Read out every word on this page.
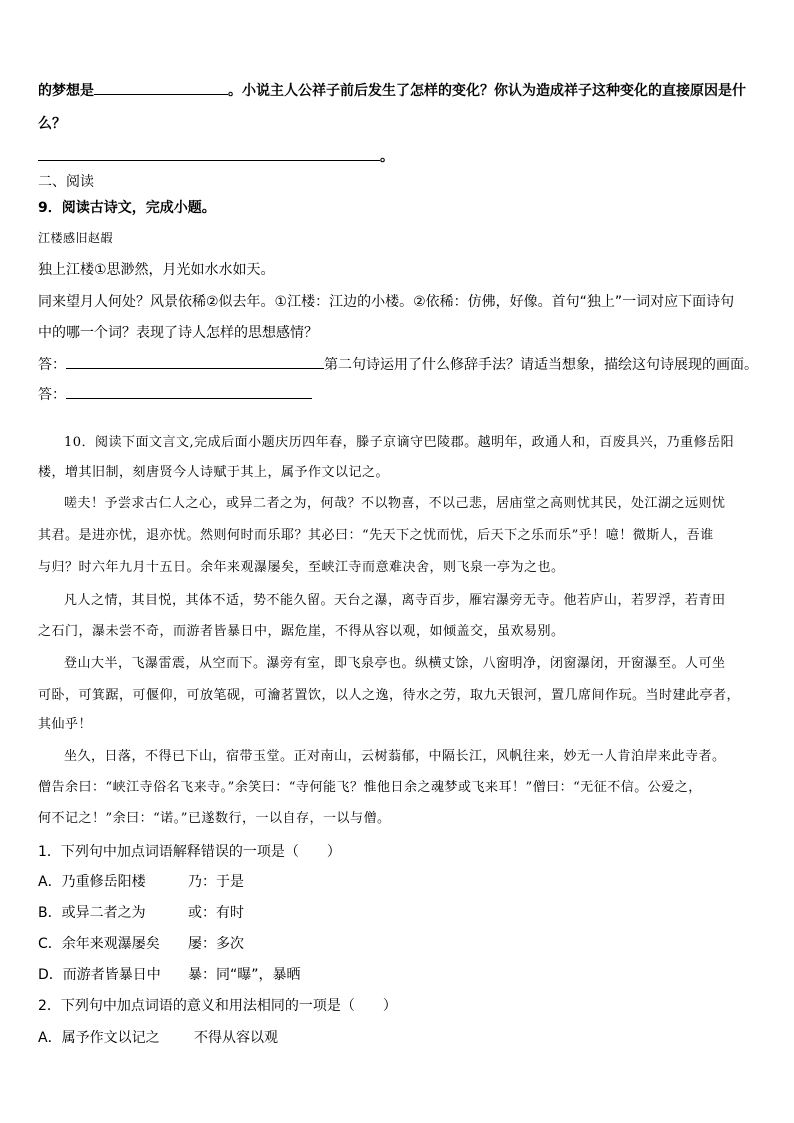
的梦想是	。小说主人公祥子前后发生了怎样的变化？你认为造成祥子这种变化的直接原因是什
么？
。
二、阅读
9．阅读古诗文，完成小题。
江楼感旧赵嘏
独上江楼①思渺然，月光如水水如天。
同来望月人何处？风景依稀②似去年。①江楼：江边的小楼。②依稀：仿佛，好像。首句“独上”一词对应下面诗句
中的哪一个词？表现了诗人怎样的思想感情？
答：	第二句诗运用了什么修辞手法？请适当想象，描绘这句诗展现的画面。
答：
10．阅读下面文言文,完成后面小题庆历四年春，滕子京谪守巴陵郡。越明年，政通人和，百废具兴，乃重修岳阳
楼，增其旧制，刻唐贤今人诗赋于其上，属予作文以记之。
嗟夫！予尝求古仁人之心，或异二者之为，何哉？不以物喜，不以己悲，居庙堂之高则忧其民，处江湖之远则忧
其君。是进亦忧，退亦忧。然则何时而乐耶？其必曰：“先天下之忧而忧，后天下之乐而乐”乎！噫！微斯人，吾谁
与归？时六年九月十五日。余年来观瀑屡矣，至峡江寺而意难决舍，则飞泉一亭为之也。
凡人之情，其目悦，其体不适，势不能久留。天台之瀑，离寺百步，雁宕瀑旁无寺。他若庐山，若罗浮，若青田
之石门，瀑未尝不奇，而游者皆暴日中，踞危崖，不得从容以观，如倾盖交，虽欢易别。
登山大半，飞瀑雷震，从空而下。瀑旁有室，即飞泉亭也。纵横丈馀，八窗明净，闭窗瀑闭，开窗瀑至。人可坐
可卧，可箕踞，可偃仰，可放笔砚，可瀹茗置饮，以人之逸，待水之劳，取九天银河，置几席间作玩。当时建此亭者，
其仙乎！
坐久，日落，不得已下山，宿带玉堂。正对南山，云树蓊郁，中隔长江，风帆往来，妙无一人肯泊岸来此寺者。
僧告余曰：“峡江寺俗名飞来寺。”余笑曰：“寺何能飞？惟他日余之魂梦或飞来耳！”僧曰：“无征不信。公爱之，
何不记之！”余曰：“诺。”已遂数行，一以自存，一以与僧。
1．下列句中加点词语解释错误的一项是（　　）
A．乃重修岳阳楼	乃：于是
B．或异二者之为	或：有时
C．余年来观瀑屡矣 屡：多次
D．而游者皆暴日中 暴：同“曝”，暴晒
2．下列句中加点词语的意义和用法相同的一项是（　　）
A．属予作文以记之 不得从容以观
